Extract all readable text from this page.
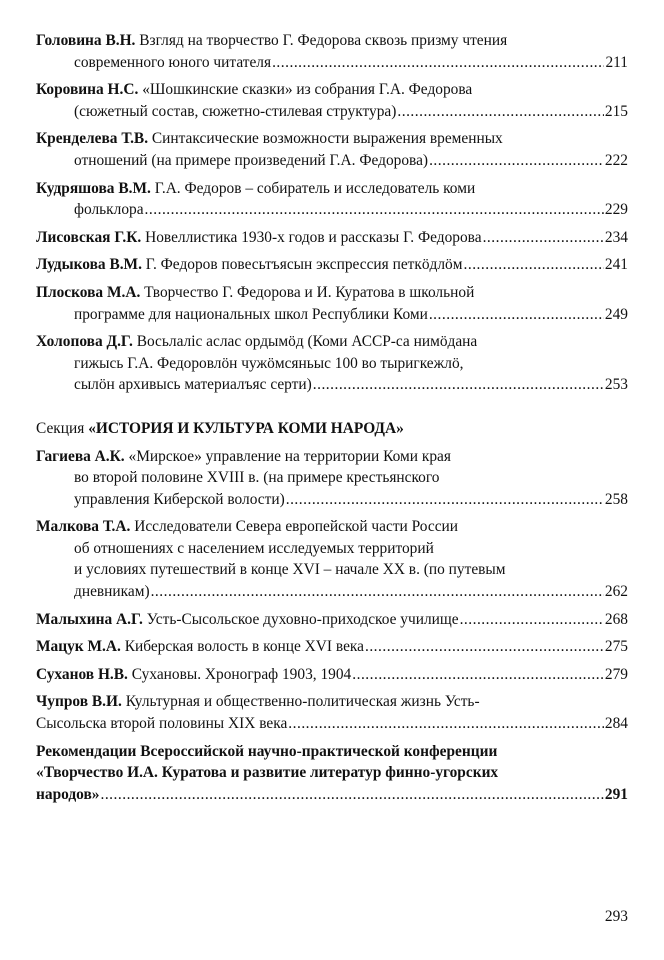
Головина В.Н.
Взгляд на творчество Г. Федорова сквозь призму чтения
современного юного читателя .....	211
Коровина Н.С.
«Шошкинские сказки» из собрания Г.А. Федорова
(сюжетный состав, сюжетно-стилевая структура) .....	215
Кренделева Т.В.
Синтаксические возможности выражения временных
отношений (на примере произведений Г.А. Федорова) .....	222
Кудряшова В.М.
Г.А. Федоров – собиратель и исследователь коми
фольклора .....	229
Лисовская Г.К.
Новеллистика 1930-х годов и рассказы Г. Федорова .....	234
Лудыкова В.М.
Г. Федоров повесьтъясын экспрессия петкӧдлӧм .....	241
Плоскова М.А.
Творчество Г. Федорова и И. Куратова в школьной
программе для национальных школ Республики Коми .....	249
Холопова Д.Г.
Восьлаліс аслас ордымӧд (Коми АССР-са нимӧдана
гижысь Г.А. Федоровлӧн чужӧмсяньыс 100 во тыригкежлӧ,
сылӧн архивысь материалъяс серти) .....	253
Секция «ИСТОРИЯ И КУЛЬТУРА КОМИ НАРОДА»
Гагиева А.К.
«Мирское» управление на территории Коми края
во второй половине XVIII в. (на примере крестьянского
управления Киберской волости) .....	258
Малкова Т.А.
Исследователи Севера европейской части России
об отношениях с населением исследуемых территорий
и условиях путешествий в конце XVI – начале XX в. (по путевым
дневникам) .....	262
Малыхина А.Г.
Усть-Сысольское духовно-приходское училище .....	268
Мацук М.А.
Киберская волость в конце XVI века .....	275
Суханов Н.В.
Сухановы. Хронограф 1903, 1904 .....	279
Чупров В.И.
Культурная и общественно-политическая жизнь Усть-
Сысольска второй половины XIX века .....	284
Рекомендации Всероссийской научно-практической конференции
«Творчество И.А. Куратова и развитие литератур финно-угорских
народов» .....	291
293
